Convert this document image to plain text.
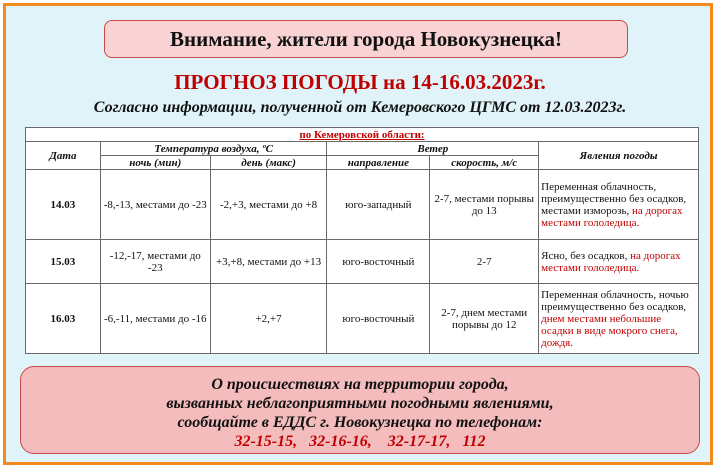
Внимание, жители города Новокузнецка!
ПРОГНОЗ ПОГОДЫ на 14-16.03.2023г.
Согласно информации, полученной от Кемеровского ЦГМС от 12.03.2023г.
по Кемеровской области:					
Дата	Температура воздуха, ºС		Ветер		Явления погоды
	ночь (мин)	день (макс)	направление	скорость, м/с	
14.03	-8,-13, местами до -23	-2,+3, местами до +8	юго-западный	2-7, местами порывы до 13	Переменная облачность, преимущественно без осадков, местами изморозь, на дорогах местами гололедица.
15.03	-12,-17, местами до -23	+3,+8, местами до +13	юго-восточный	2-7	Ясно, без осадков, на дорогах местами гололедица.
16.03	-6,-11, местами до -16	+2,+7	юго-восточный	2-7, днем местами порывы до 12	Переменная облачность, ночью преимущественно без осадков, днем местами небольшие осадки в виде мокрого снега, дождя.
О происшествиях на территории города,
вызванных неблагоприятными погодными явлениями,
сообщайте в ЕДДС г. Новокузнецка по телефонам:
32-15-15,   32-16-16,    32-17-17,   112
